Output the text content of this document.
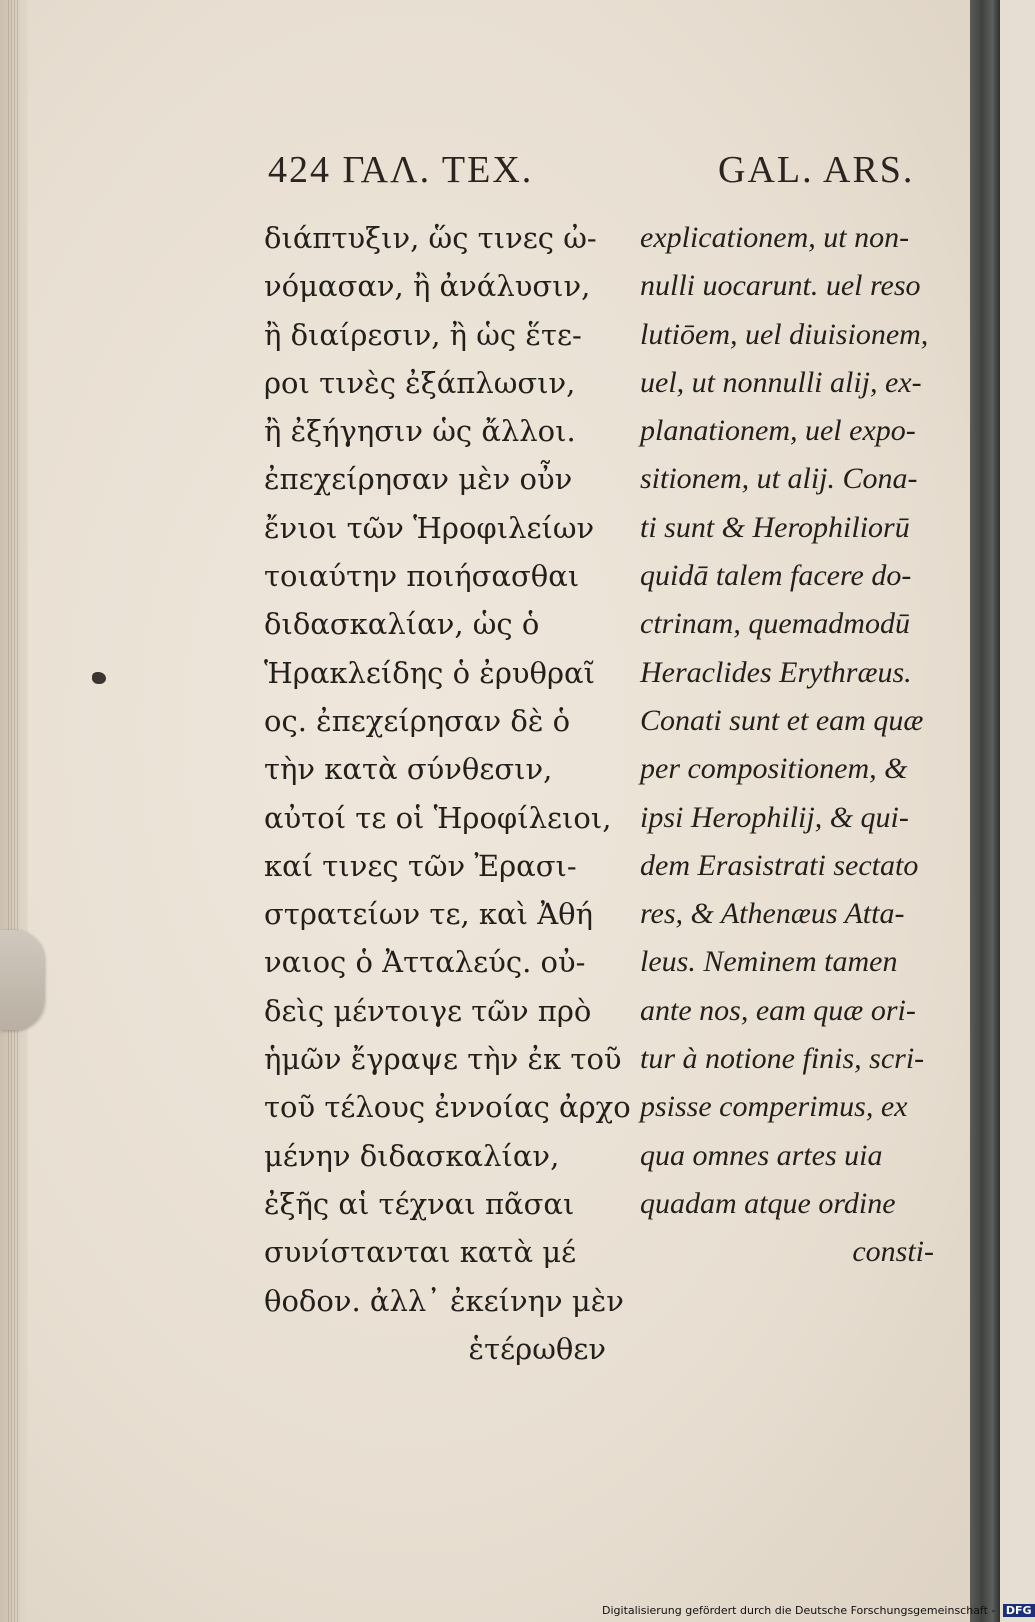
424 ΓΑΛ. ΤΕΧ.	GAL. ARS.
διάπτυξιν, ὥς τινες ὠ-
νόμασαν, ἢ ἀνάλυσιν,
ἢ διαίρεσιν, ἢ ὡς ἕτε-
ροι τινὲς ἐξάπλωσιν,
ἢ ἐξήγησιν ὡς ἄλλοι.
ἐπεχείρησαν μὲν οὖν
ἔνιοι τῶν Ἡροφιλείων
τοιαύτην ποιήσασθαι
διδασκαλίαν, ὡς ὁ
Ἡρακλείδης ὁ ἐρυθραῖ
ος. ἐπεχείρησαν δὲ ὁ
τὴν κατὰ σύνθεσιν,
αὐτοί τε οἱ Ἡροφίλειοι,
καί τινες τῶν Ἐρασι-
στρατείων τε, καὶ Ἀθή
ναιος ὁ Ἀτταλεύς. οὐ-
δεὶς μέντοιγε τῶν πρὸ
ἡμῶν ἔγραψε τὴν ἐκ τοῦ
τοῦ τέλους ἐννοίας ἀρχο
μένην διδασκαλίαν,
ἐξῆς αἱ τέχναι πᾶσαι
συνίστανται κατὰ μέ
θοδον. ἀλλ᾽ ἐκείνην μὲν
ἑτέρωθεν
explicationem, ut non-
nulli uocarunt. uel reso
lutiōem, uel diuisionem,
uel, ut nonnulli alij, ex-
planationem, uel expo-
sitionem, ut alij. Cona-
ti sunt & Herophiliorū
quidā talem facere do-
ctrinam, quemadmodū
Heraclides Erythræus.
Conati sunt et eam quæ
per compositionem, &
ipsi Herophilij, & qui-
dem Erasistrati sectato
res, & Athenæus Atta-
leus. Neminem tamen
ante nos, eam quæ ori-
tur à notione finis, scri-
psisse comperimus, ex
qua omnes artes uia
quadam atque ordine
consti-
Digitalisierung gefördert durch die Deutsche Forschungsgemeinschaft - DFG
